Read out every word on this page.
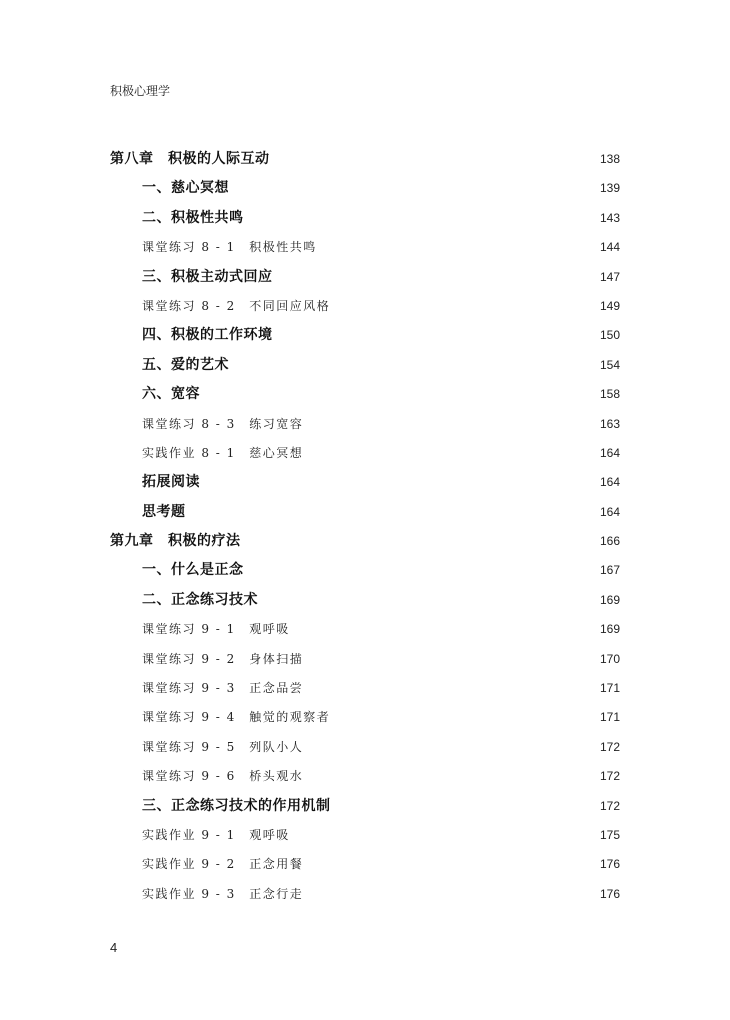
积极心理学
第八章　积极的人际互动	138
一、慈心冥想	139
二、积极性共鸣	143
课堂练习 8 - 1　积极性共鸣	144
三、积极主动式回应	147
课堂练习 8 - 2　不同回应风格	149
四、积极的工作环境	150
五、爱的艺术	154
六、宽容	158
课堂练习 8 - 3　练习宽容	163
实践作业 8 - 1　慈心冥想	164
拓展阅读	164
思考题	164
第九章　积极的疗法	166
一、什么是正念	167
二、正念练习技术	169
课堂练习 9 - 1　观呼吸	169
课堂练习 9 - 2　身体扫描	170
课堂练习 9 - 3　正念品尝	171
课堂练习 9 - 4　触觉的观察者	171
课堂练习 9 - 5　列队小人	172
课堂练习 9 - 6　桥头观水	172
三、正念练习技术的作用机制	172
实践作业 9 - 1　观呼吸	175
实践作业 9 - 2　正念用餐	176
实践作业 9 - 3　正念行走	176
4
